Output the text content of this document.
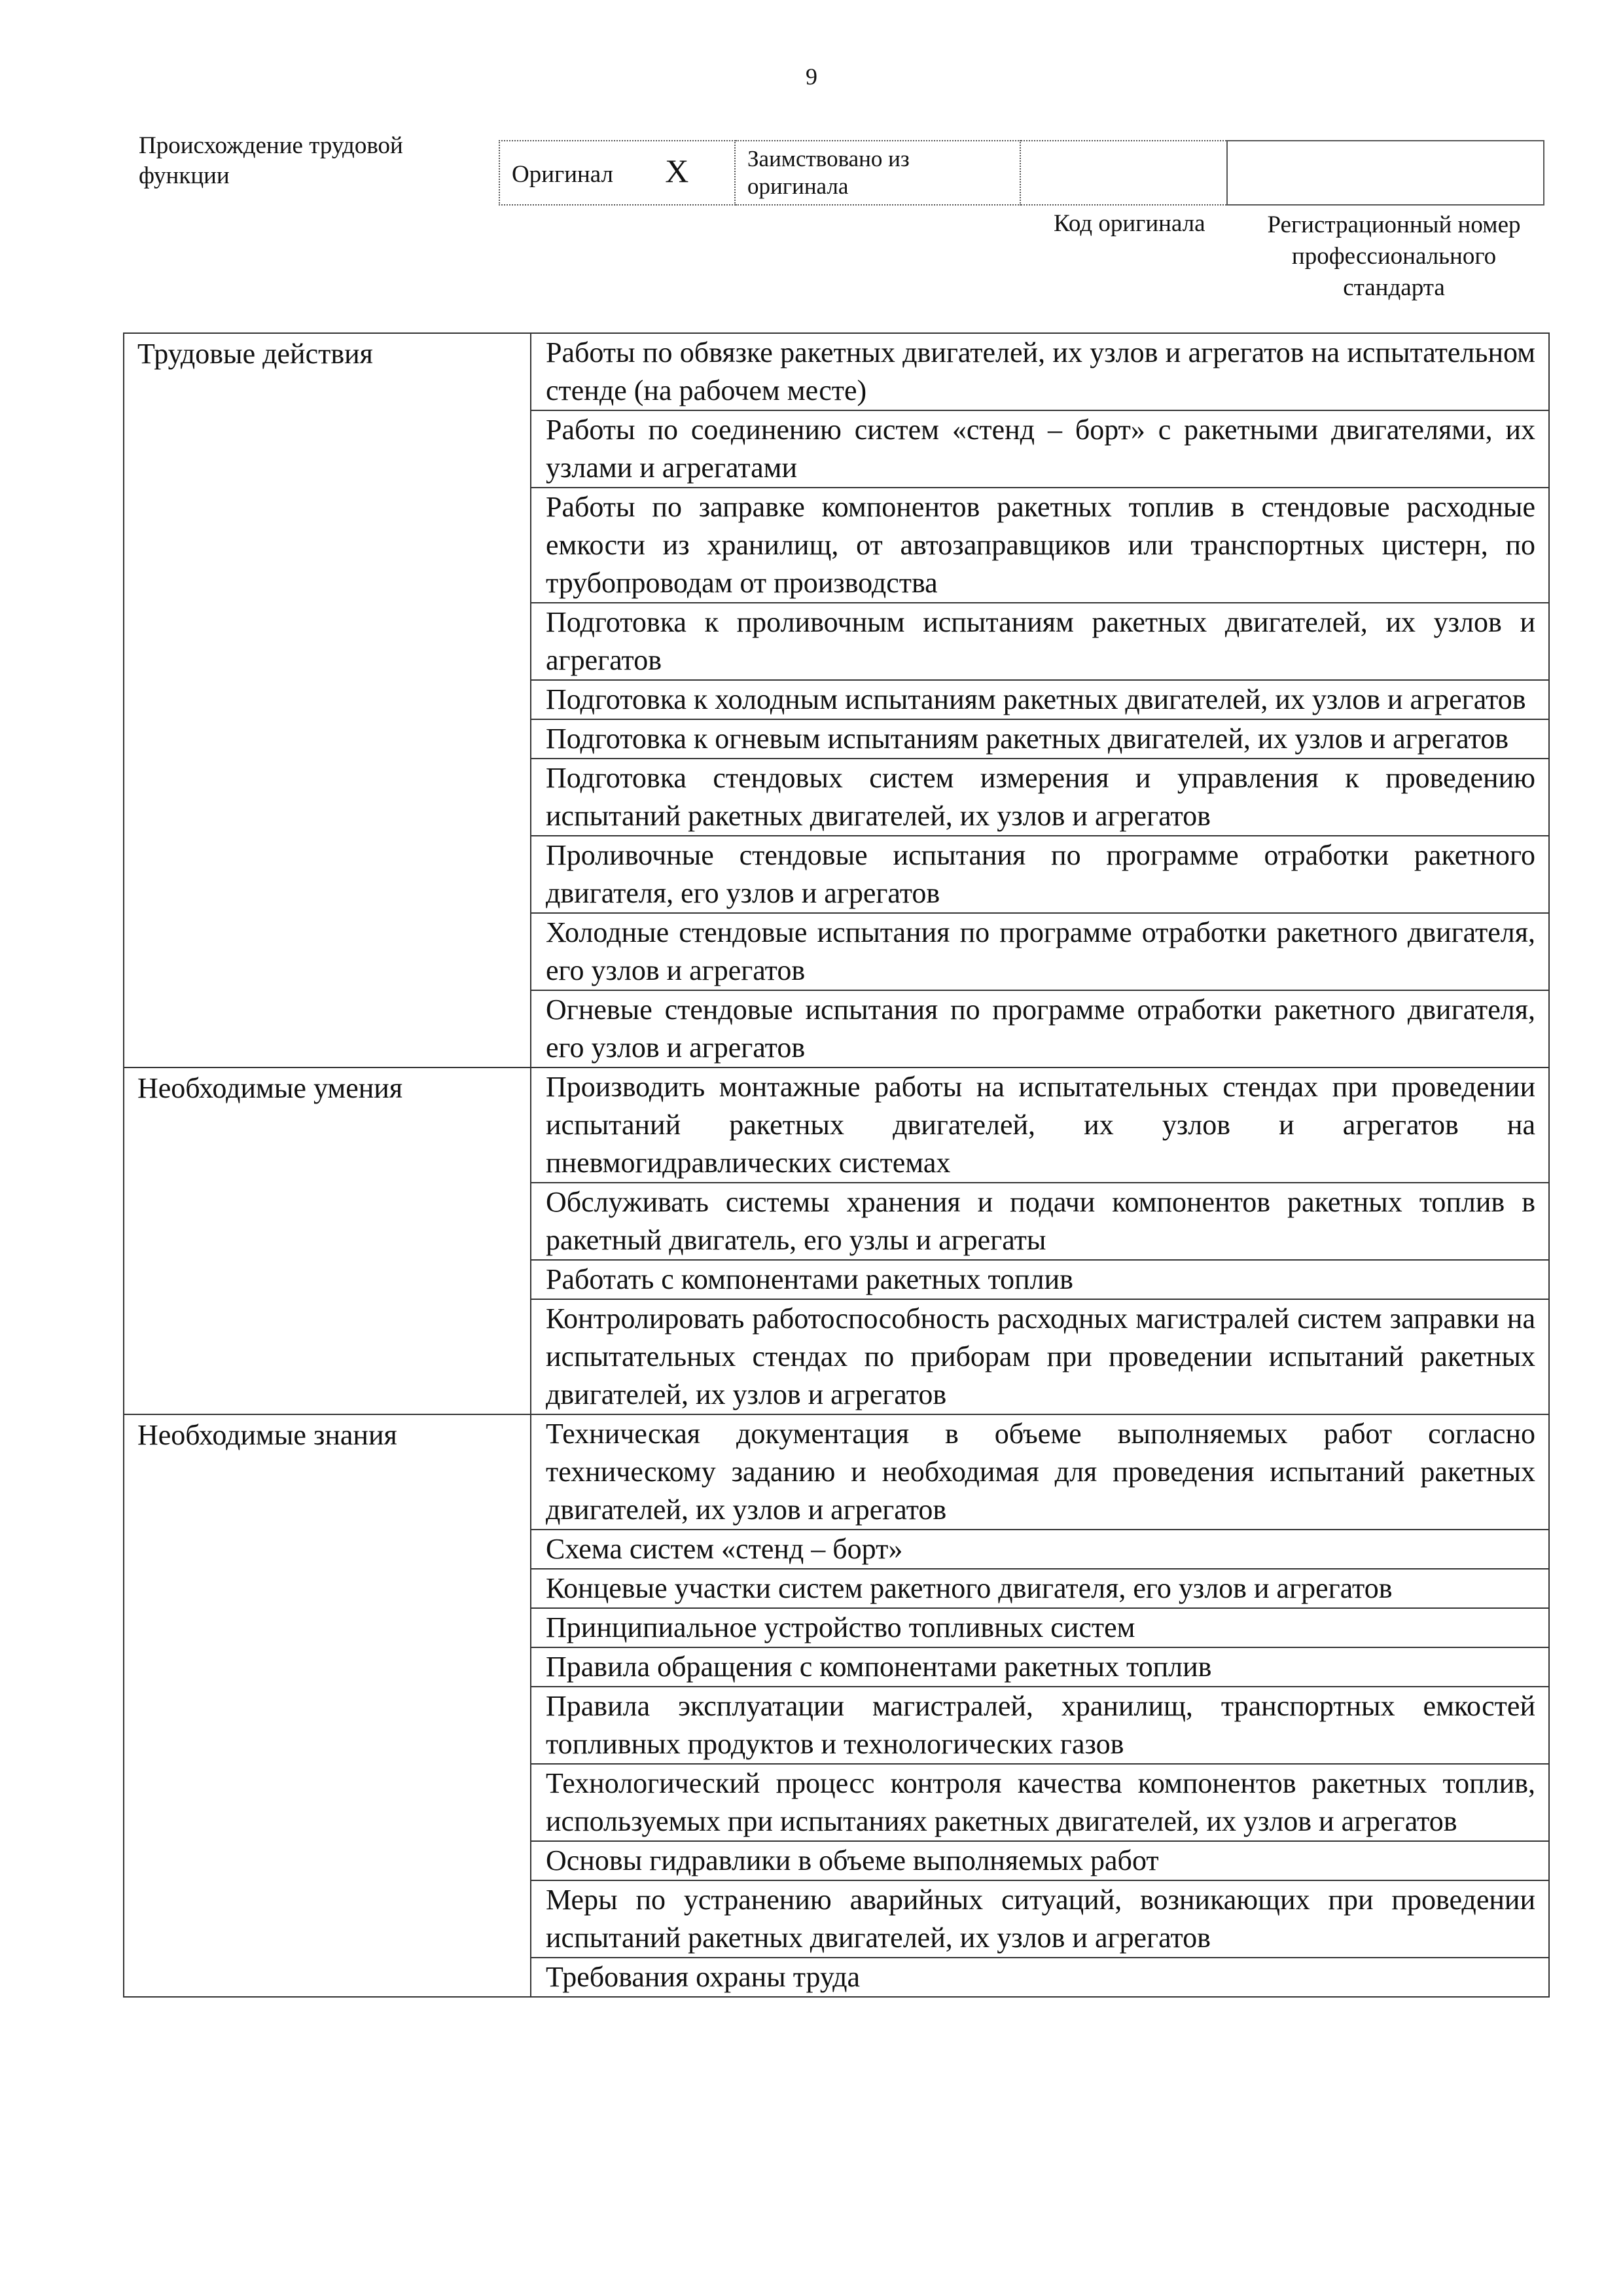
9
Происхождение трудовой функции	Оригинал X	Заимствовано из оригинала		
Код оригинала	Регистрационный номер профессионального стандарта
Трудовые действия	Работы по обвязке ракетных двигателей, их узлов и агрегатов на испытательном стенде (на рабочем месте)
	Работы по соединению систем «стенд – борт» с ракетными двигателями, их узлами и агрегатами
	Работы по заправке компонентов ракетных топлив в стендовые расходные емкости из хранилищ, от автозаправщиков или транспортных цистерн, по трубопроводам от производства
	Подготовка к проливочным испытаниям ракетных двигателей, их узлов и агрегатов
	Подготовка к холодным испытаниям ракетных двигателей, их узлов и агрегатов
	Подготовка к огневым испытаниям ракетных двигателей, их узлов и агрегатов
	Подготовка стендовых систем измерения и управления к проведению испытаний ракетных двигателей, их узлов и агрегатов
	Проливочные стендовые испытания по программе отработки ракетного двигателя, его узлов и агрегатов
	Холодные стендовые испытания по программе отработки ракетного двигателя, его узлов и агрегатов
	Огневые стендовые испытания по программе отработки ракетного двигателя, его узлов и агрегатов
Необходимые умения	Производить монтажные работы на испытательных стендах при проведении испытаний ракетных двигателей, их узлов и агрегатов на пневмогидравлических системах
	Обслуживать системы хранения и подачи компонентов ракетных топлив в ракетный двигатель, его узлы и агрегаты
	Работать с компонентами ракетных топлив
	Контролировать работоспособность расходных магистралей систем заправки на испытательных стендах по приборам при проведении испытаний ракетных двигателей, их узлов и агрегатов
Необходимые знания	Техническая документация в объеме выполняемых работ согласно техническому заданию и необходимая для проведения испытаний ракетных двигателей, их узлов и агрегатов
	Схема систем «стенд – борт»
	Концевые участки систем ракетного двигателя, его узлов и агрегатов
	Принципиальное устройство топливных систем
	Правила обращения с компонентами ракетных топлив
	Правила эксплуатации магистралей, хранилищ, транспортных емкостей топливных продуктов и технологических газов
	Технологический процесс контроля качества компонентов ракетных топлив, используемых при испытаниях ракетных двигателей, их узлов и агрегатов
	Основы гидравлики в объеме выполняемых работ
	Меры по устранению аварийных ситуаций, возникающих при проведении испытаний ракетных двигателей, их узлов и агрегатов
	Требования охраны труда
